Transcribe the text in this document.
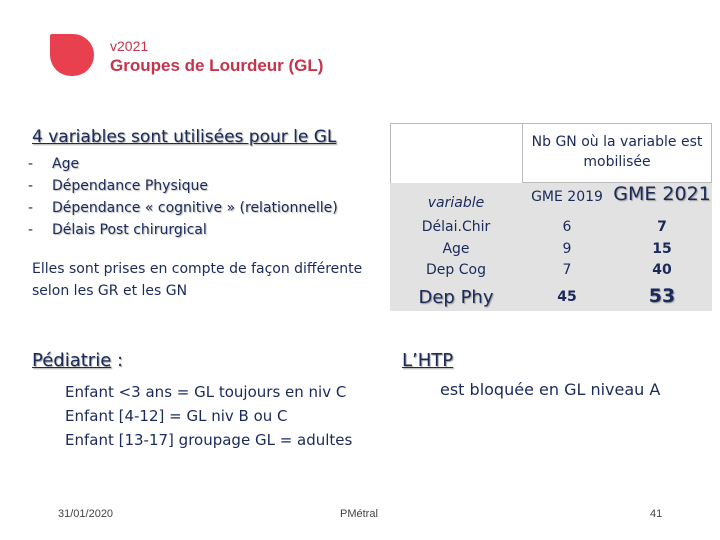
v2021
Groupes de Lourdeur (GL)
4 variables sont utilisées pour le GL
- Age
- Dépendance Physique
- Dépendance « cognitive » (relationnelle)
- Délais Post chirurgical
Elles sont prises en compte de façon différente selon les GR et les GN
Pédiatrie :
Enfant <3 ans = GL toujours en niv C
Enfant [4-12] = GL niv B ou C
Enfant [13-17] groupage GL = adultes
Nb GN où la variable est mobilisée
variable
Délai.Chir
Age
Dep Cog
Dep Phy
GME 2019
6
9
7
45
GME 2021
7
15
40
53
L’HTP
est bloquée en GL niveau A
31/01/2020	PMétral	41
